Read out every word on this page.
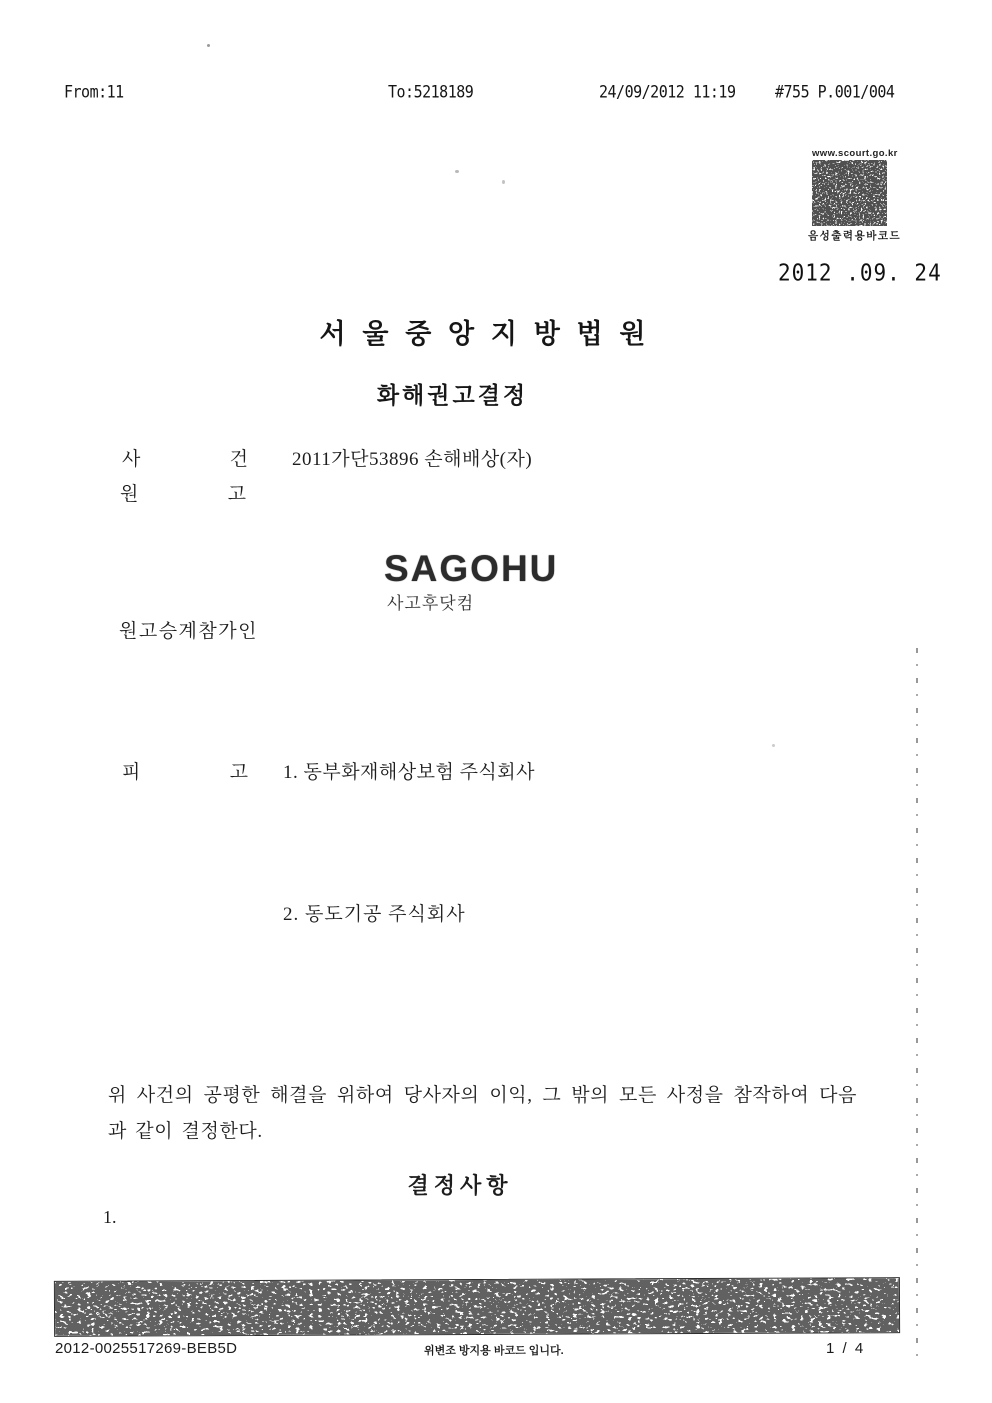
From:11	To:5218189	24/09/2012 11:19	#755 P.001/004
www.scourt.go.kr
음성출력용바코드
2012 .09. 24
서 울 중 앙 지 방 법 원
화해권고결정
사	건 2011가단53896 손해배상(자)
원	고
SAGOHU
사고후닷컴
원고승계참가인
피	고 1. 동부화재해상보험 주식회사
2. 동도기공 주식회사
위 사건의 공평한 해결을 위하여 당사자의 이익, 그 밖의 모든 사정을 참작하여 다음
과 같이 결정한다.
결정사항
1.
2012-0025517269-BEB5D	위변조 방지용 바코드 입니다.	1 / 4
